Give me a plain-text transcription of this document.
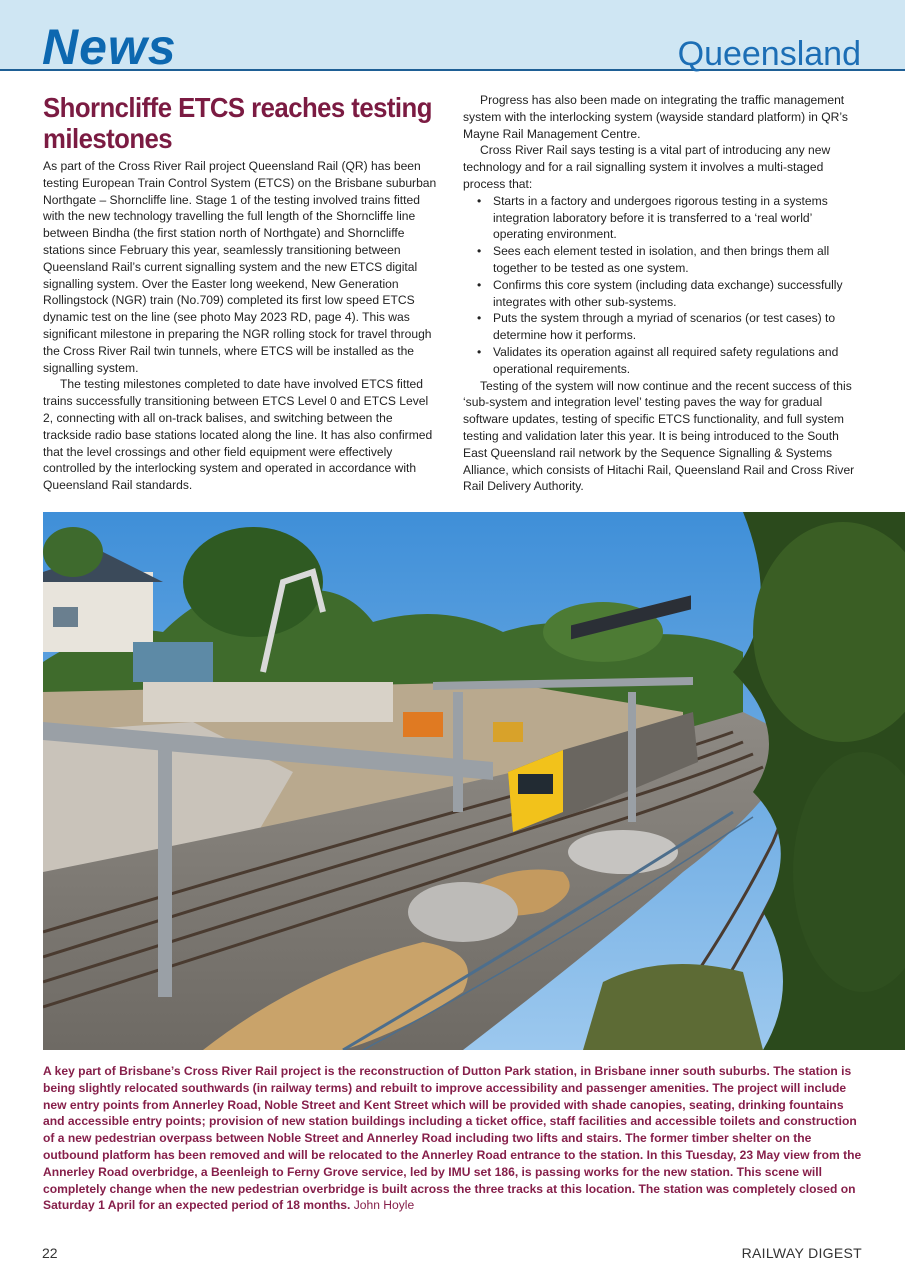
News	Queensland
Shorncliffe ETCS reaches testing milestones

As part of the Cross River Rail project Queensland Rail (QR) has been testing European Train Control System (ETCS) on the Brisbane suburban Northgate – Shorncliffe line. Stage 1 of the testing involved trains fitted with the new technology travelling the full length of the Shorncliffe line between Bindha (the first station north of Northgate) and Shorncliffe stations since February this year, seamlessly transitioning between Queensland Rail’s current signalling system and the new ETCS digital signalling system. Over the Easter long weekend, New Generation Rollingstock (NGR) train (No.709) completed its first low speed ETCS dynamic test on the line (see photo May 2023 RD, page 4). This was significant milestone in preparing the NGR rolling stock for travel through the Cross River Rail twin tunnels, where ETCS will be installed as the signalling system.

The testing milestones completed to date have involved ETCS fitted trains successfully transitioning between ETCS Level 0 and ETCS Level 2, connecting with all on-track balises, and switching between the trackside radio base stations located along the line. It has also confirmed that the level crossings and other field equipment were effectively controlled by the interlocking system and operated in accordance with Queensland Rail standards.

Progress has also been made on integrating the traffic management system with the interlocking system (wayside standard platform) in QR’s Mayne Rail Management Centre.

Cross River Rail says testing is a vital part of introducing any new technology and for a rail signalling system it involves a multi-staged process that:

• Starts in a factory and undergoes rigorous testing in a systems integration laboratory before it is transferred to a ‘real world’ operating environment.
• Sees each element tested in isolation, and then brings them all together to be tested as one system.
• Confirms this core system (including data exchange) successfully integrates with other sub-systems.
• Puts the system through a myriad of scenarios (or test cases) to determine how it performs.
• Validates its operation against all required safety regulations and operational requirements.

Testing of the system will now continue and the recent success of this ‘sub-system and integration level’ testing paves the way for gradual software updates, testing of specific ETCS functionality, and full system testing and validation later this year. It is being introduced to the South East Queensland rail network by the Sequence Signalling & Systems Alliance, which consists of Hitachi Rail, Queensland Rail and Cross River Rail Delivery Authority.

A key part of Brisbane’s Cross River Rail project is the reconstruction of Dutton Park station, in Brisbane inner south suburbs. The station is being slightly relocated southwards (in railway terms) and rebuilt to improve accessibility and passenger amenities. The project will include new entry points from Annerley Road, Noble Street and Kent Street which will be provided with shade canopies, seating, drinking fountains and accessible entry points; provision of new station buildings including a ticket office, staff facilities and accessible toilets and construction of a new pedestrian overpass between Noble Street and Annerley Road including two lifts and stairs. The former timber shelter on the outbound platform has been removed and will be relocated to the Annerley Road entrance to the station. In this Tuesday, 23 May view from the Annerley Road overbridge, a Beenleigh to Ferny Grove service, led by IMU set 186, is passing works for the new station. This scene will completely change when the new pedestrian overbridge is built across the three tracks at this location. The station was completely closed on Saturday 1 April for an expected period of 18 months. John Hoyle
22	RAILWAY DIGEST
